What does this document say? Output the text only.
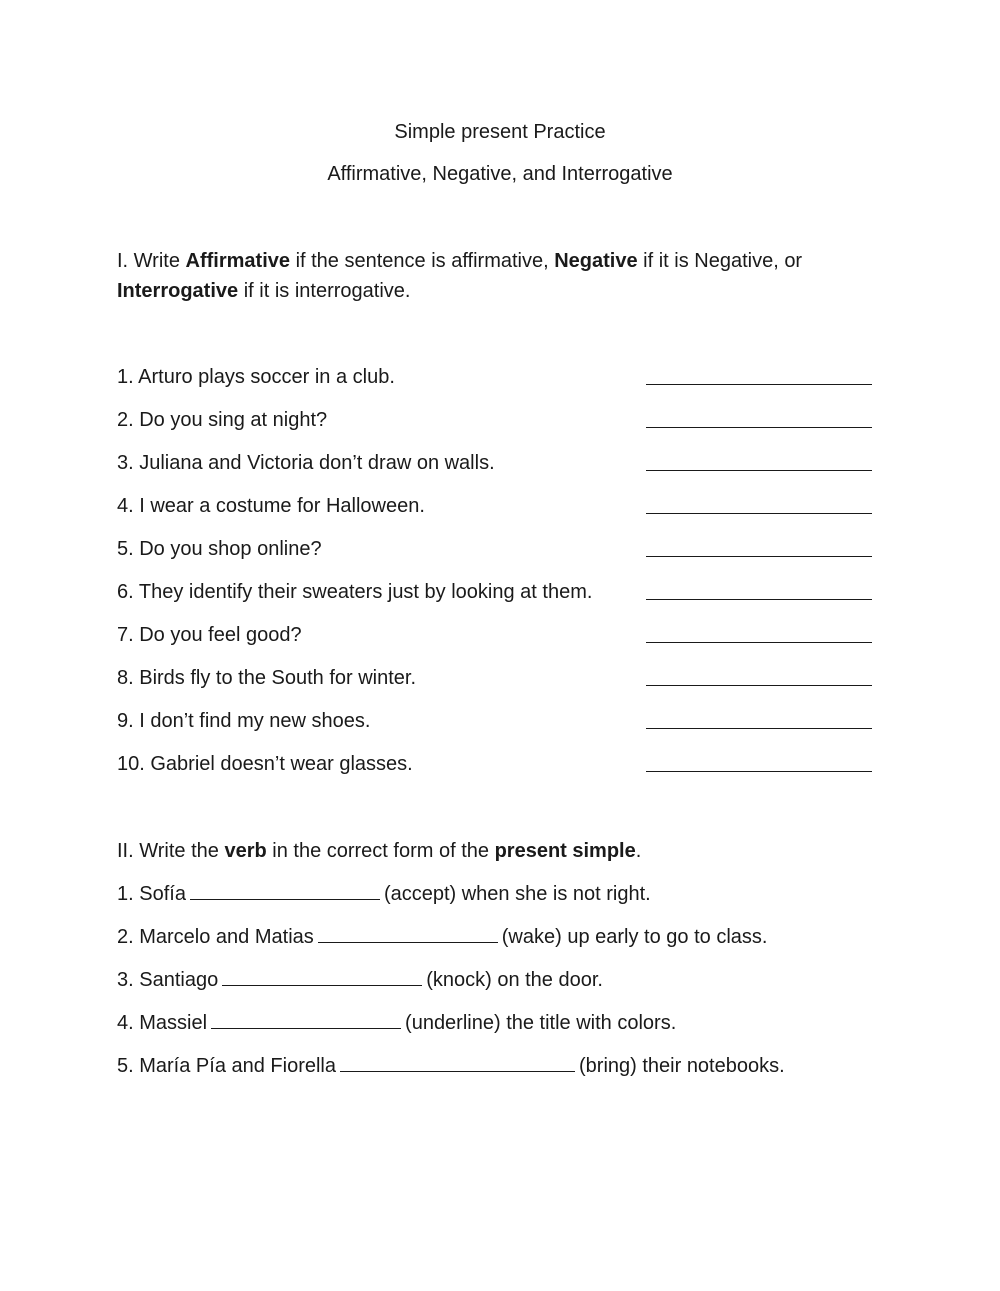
Simple present Practice
Affirmative, Negative, and Interrogative
I. Write Affirmative if the sentence is affirmative, Negative if it is Negative, or
Interrogative if it is interrogative.
1. Arturo plays soccer in a club.
2. Do you sing at night?
3. Juliana and Victoria don’t draw on walls.
4. I wear a costume for Halloween.
5. Do you shop online?
6. They identify their sweaters just by looking at them.
7. Do you feel good?
8. Birds fly to the South for winter.
9. I don’t find my new shoes.
10. Gabriel doesn’t wear glasses.
II. Write the verb in the correct form of the present simple.
1. Sofía	(accept) when she is not right.
2. Marcelo and Matias	(wake) up early to go to class.
3. Santiago	(knock) on the door.
4. Massiel	(underline) the title with colors.
5. María Pía and Fiorella	(bring) their notebooks.
